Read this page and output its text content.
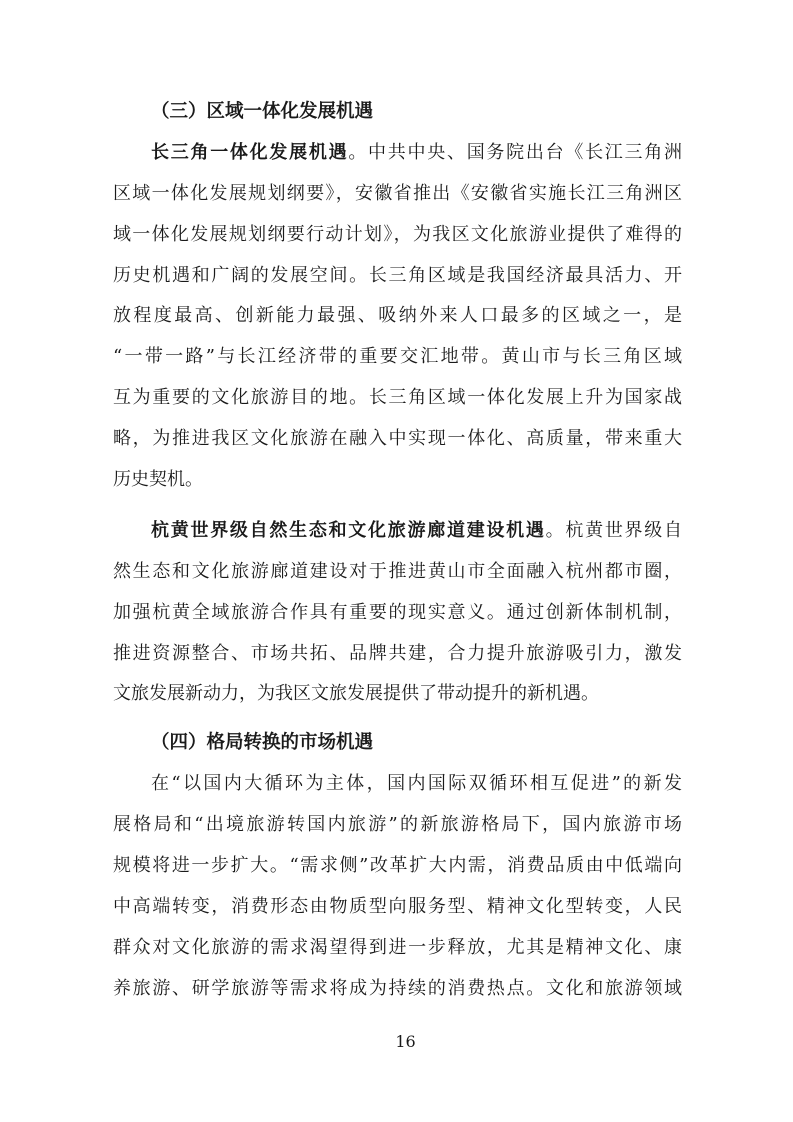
（三）区域一体化发展机遇
长三角一体化发展机遇。中共中央、国务院出台《长江三角洲
区域一体化发展规划纲要》，安徽省推出《安徽省实施长江三角洲区
域一体化发展规划纲要行动计划》，为我区文化旅游业提供了难得的
历史机遇和广阔的发展空间。长三角区域是我国经济最具活力、开
放程度最高、创新能力最强、吸纳外来人口最多的区域之一，是
“一带一路”与长江经济带的重要交汇地带。黄山市与长三角区域
互为重要的文化旅游目的地。长三角区域一体化发展上升为国家战
略，为推进我区文化旅游在融入中实现一体化、高质量，带来重大
历史契机。
杭黄世界级自然生态和文化旅游廊道建设机遇。杭黄世界级自
然生态和文化旅游廊道建设对于推进黄山市全面融入杭州都市圈，
加强杭黄全域旅游合作具有重要的现实意义。通过创新体制机制，
推进资源整合、市场共拓、品牌共建，合力提升旅游吸引力，激发
文旅发展新动力，为我区文旅发展提供了带动提升的新机遇。
（四）格局转换的市场机遇
在“以国内大循环为主体，国内国际双循环相互促进”的新发
展格局和“出境旅游转国内旅游”的新旅游格局下，国内旅游市场
规模将进一步扩大。“需求侧”改革扩大内需，消费品质由中低端向
中高端转变，消费形态由物质型向服务型、精神文化型转变，人民
群众对文化旅游的需求渴望得到进一步释放，尤其是精神文化、康
养旅游、研学旅游等需求将成为持续的消费热点。文化和旅游领域
16
